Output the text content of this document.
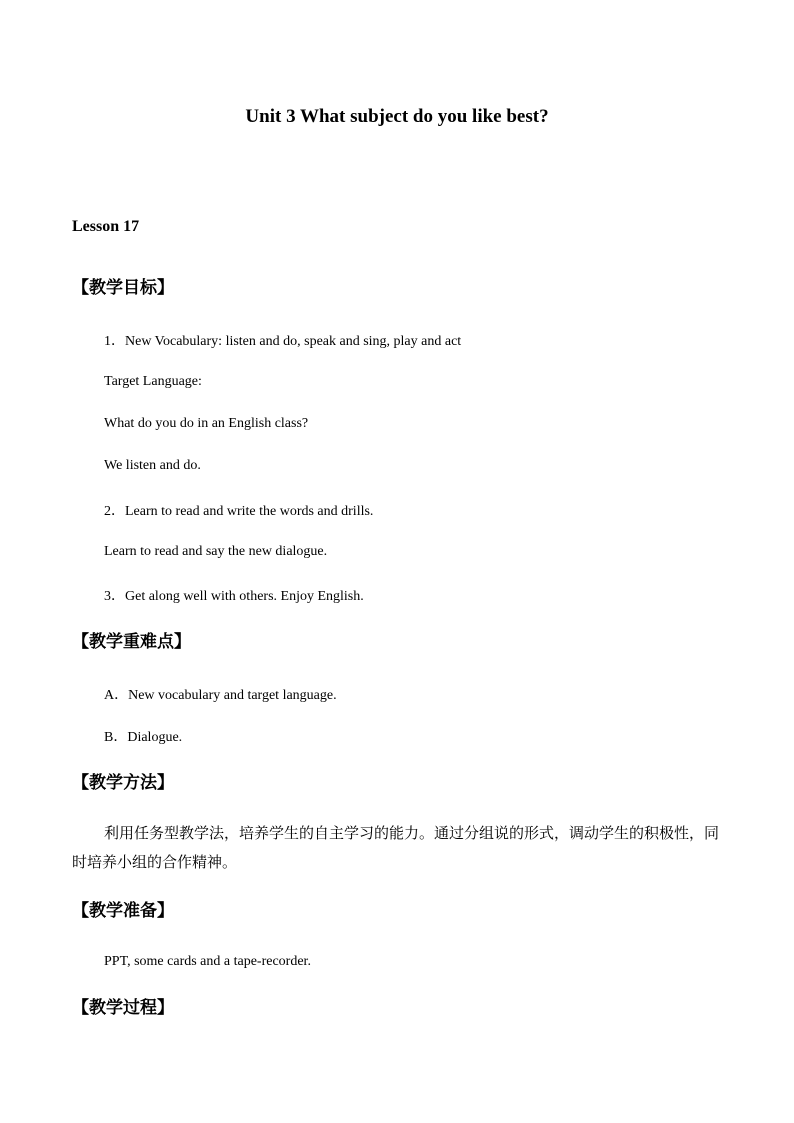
Unit 3 What subject do you like best?
Lesson 17
【教学目标】
1．New Vocabulary: listen and do, speak and sing, play and act
Target Language:
What do you do in an English class?
We listen and do.
2．Learn to read and write the words and drills.
Learn to read and say the new dialogue.
3．Get along well with others. Enjoy English.
【教学重难点】
A．New vocabulary and target language.
B．Dialogue.
【教学方法】
利用任务型教学法，培养学生的自主学习的能力。通过分组说的形式，调动学生的积极性，同时培养小组的合作精神。
【教学准备】
PPT, some cards and a tape-recorder.
【教学过程】
